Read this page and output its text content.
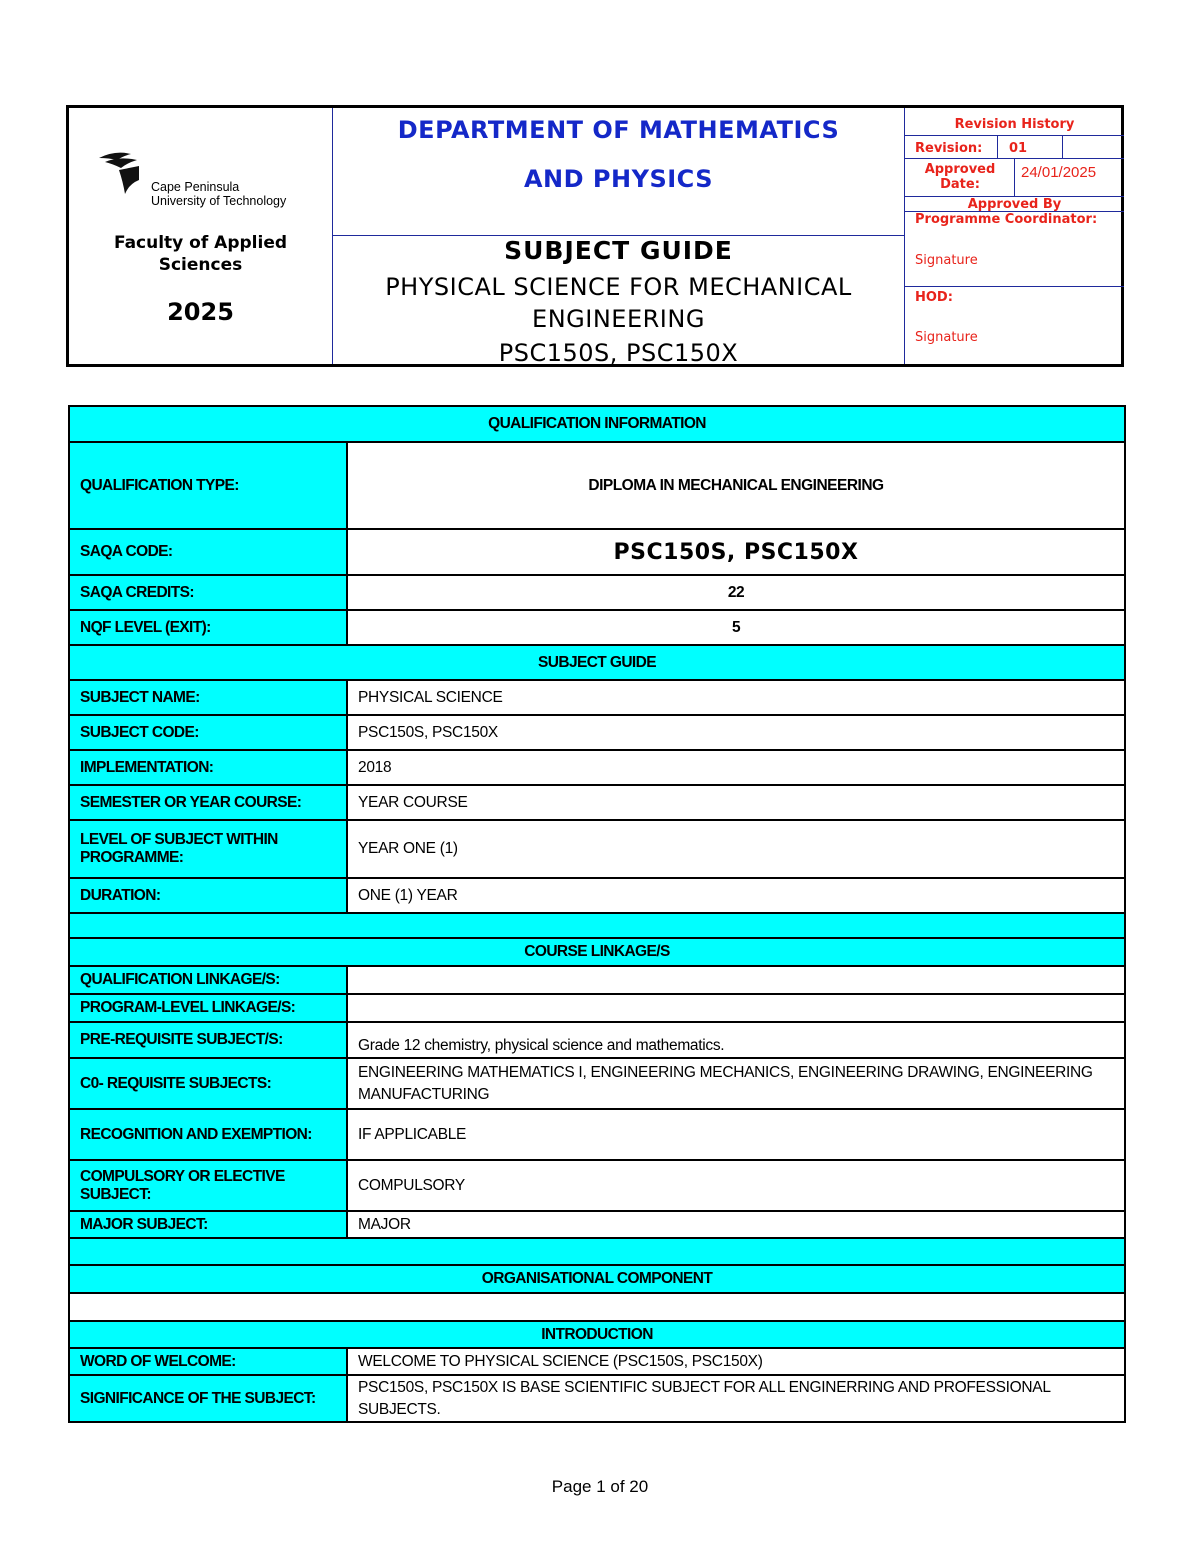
Cape Peninsula
University of Technology
Faculty of Applied
Sciences
2025
DEPARTMENT OF MATHEMATICS
AND PHYSICS
SUBJECT GUIDE
PHYSICAL SCIENCE FOR MECHANICAL
ENGINEERING
PSC150S, PSC150X
Revision History
Revision: 01
Approved
Date:
24/01/2025
Approved By
Programme Coordinator:
Signature
HOD:
Signature
QUALIFICATION INFORMATION	
QUALIFICATION TYPE:	DIPLOMA IN MECHANICAL ENGINEERING
SAQA CODE:	PSC150S, PSC150X
SAQA CREDITS:	22
NQF LEVEL (EXIT):	5
SUBJECT GUIDE	
SUBJECT NAME:	PHYSICAL SCIENCE
SUBJECT CODE:	PSC150S, PSC150X
IMPLEMENTATION:	2018
SEMESTER OR YEAR COURSE:	YEAR COURSE
LEVEL OF SUBJECT WITHIN PROGRAMME:	YEAR ONE (1)
DURATION:	ONE (1) YEAR

COURSE LINKAGE/S	
QUALIFICATION LINKAGE/S:	
PROGRAM-LEVEL LINKAGE/S:	
PRE-REQUISITE SUBJECT/S:	Grade 12 chemistry, physical science and mathematics.
C0- REQUISITE SUBJECTS:	ENGINEERING MATHEMATICS I, ENGINEERING MECHANICS, ENGINEERING DRAWING, ENGINEERING MANUFACTURING
RECOGNITION AND EXEMPTION:	IF APPLICABLE
COMPULSORY OR ELECTIVE SUBJECT:	COMPULSORY
MAJOR SUBJECT:	MAJOR

ORGANISATIONAL COMPONENT	

INTRODUCTION	
WORD OF WELCOME:	WELCOME TO PHYSICAL SCIENCE (PSC150S, PSC150X)
SIGNIFICANCE OF THE SUBJECT:	PSC150S, PSC150X IS BASE SCIENTIFIC SUBJECT FOR ALL ENGINERRING AND PROFESSIONAL SUBJECTS.
Page 1 of 20
